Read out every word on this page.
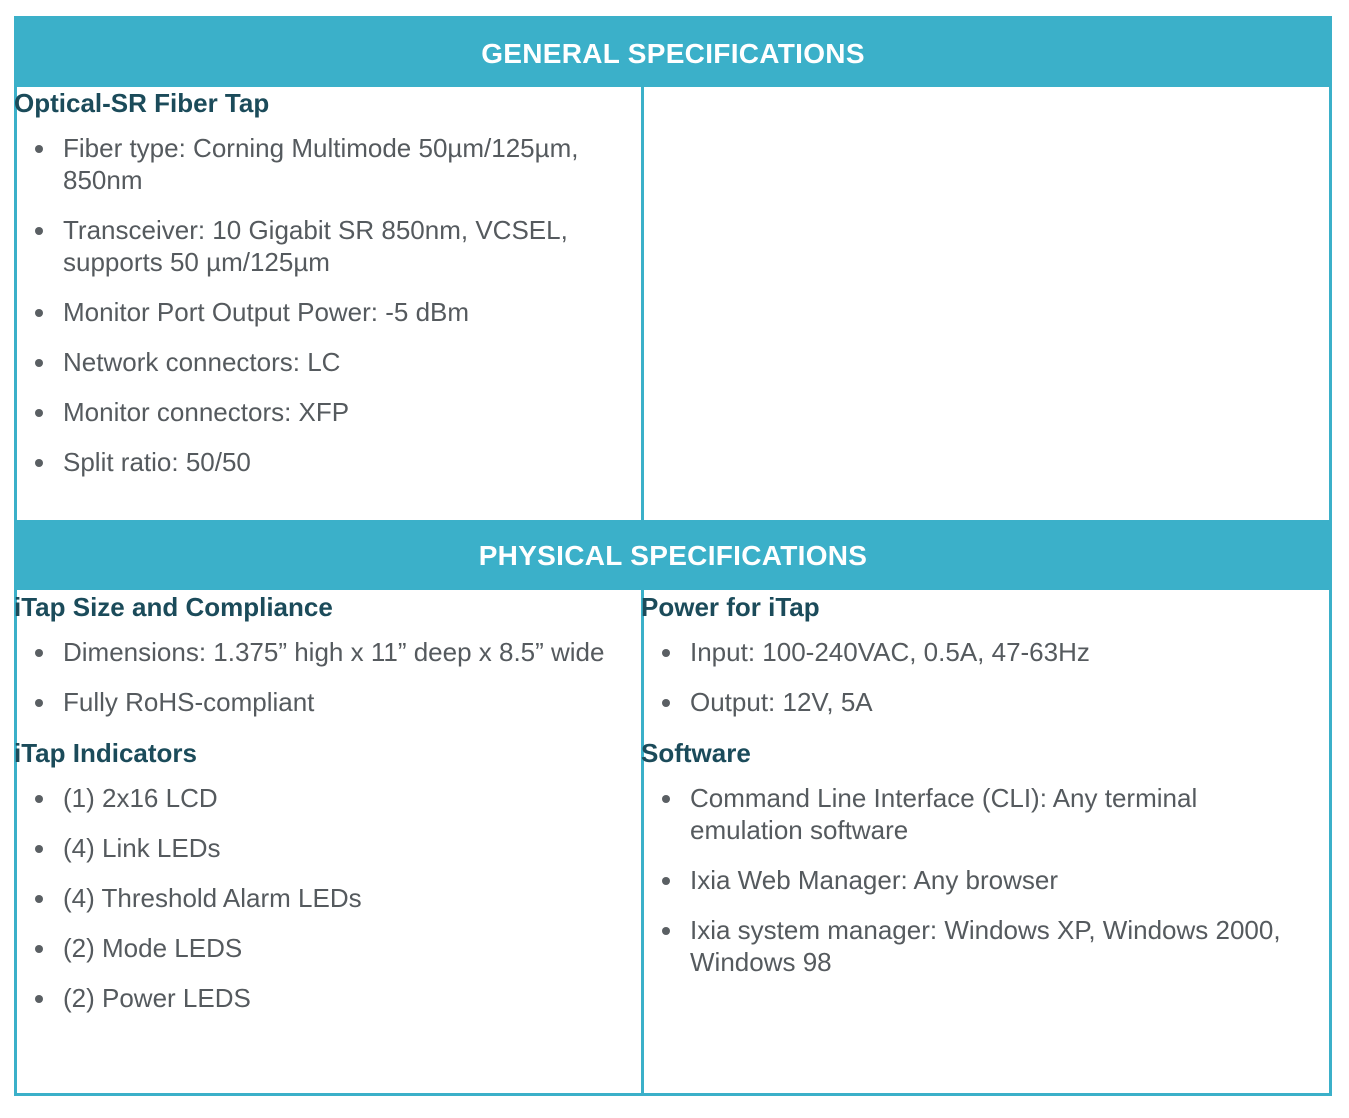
GENERAL SPECIFICATIONS
PHYSICAL SPECIFICATIONS
Optical-SR Fiber Tap
Fiber type: Corning Multimode 50µm/125µm, 850nm
Transceiver: 10 Gigabit SR 850nm, VCSEL, supports 50 µm/125µm
Monitor Port Output Power: -5 dBm
Network connectors: LC
Monitor connectors: XFP
Split ratio: 50/50
iTap Size and Compliance
Dimensions: 1.375” high x 11” deep x 8.5” wide
Fully RoHS-compliant
iTap Indicators
(1) 2x16 LCD
(4) Link LEDs
(4) Threshold Alarm LEDs
(2) Mode LEDS
(2) Power LEDS
Power for iTap
Input: 100-240VAC, 0.5A, 47-63Hz
Output: 12V, 5A
Software
Command Line Interface (CLI): Any terminal emulation software
Ixia Web Manager: Any browser
Ixia system manager: Windows XP, Windows 2000, Windows 98
